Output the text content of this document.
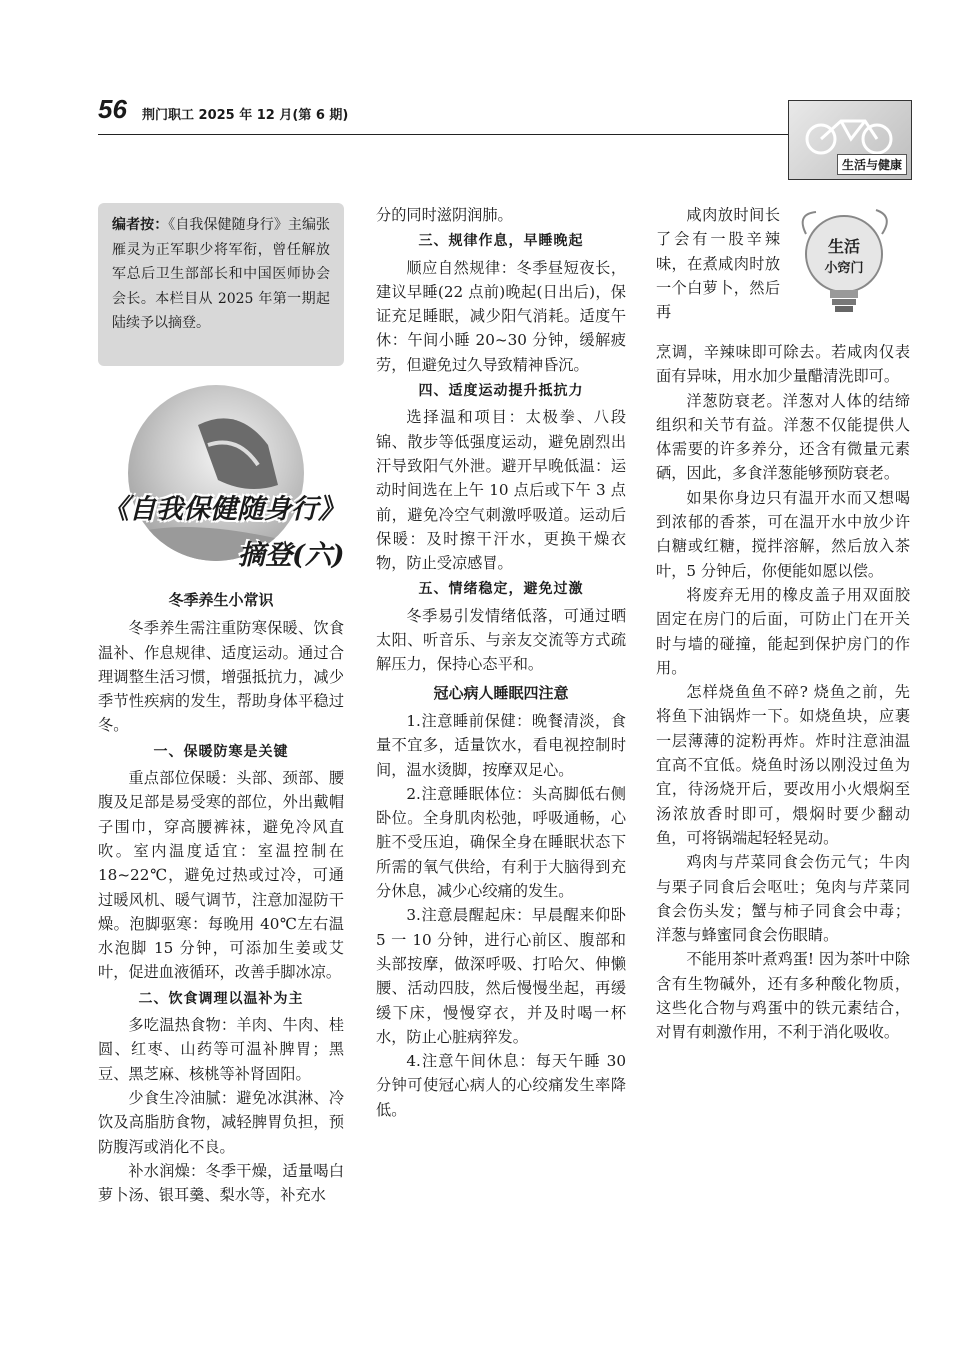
56 荆门职工 2025 年 12 月(第 6 期)
生活与健康
编者按：《自我保健随身行》主编张雁灵为正军职少将军衔，曾任解放军总后卫生部部长和中国医师协会会长。本栏目从 2025 年第一期起陆续予以摘登。
《自我保健随身行》
摘登(六)
冬季养生小常识

冬季养生需注重防寒保暖、饮食温补、作息规律、适度运动。通过合理调整生活习惯，增强抵抗力，减少季节性疾病的发生，帮助身体平稳过冬。

一、保暖防寒是关键

重点部位保暖：头部、颈部、腰腹及足部是易受寒的部位，外出戴帽子围巾，穿高腰裤袜，避免冷风直吹。室内温度适宜：室温控制在18~22℃，避免过热或过冷，可通过暖风机、暖气调节，注意加湿防干燥。泡脚驱寒：每晚用 40℃左右温水泡脚 15 分钟，可添加生姜或艾叶，促进血液循环，改善手脚冰凉。

二、饮食调理以温补为主

多吃温热食物：羊肉、牛肉、桂圆、红枣、山药等可温补脾胃；黑豆、黑芝麻、核桃等补肾固阳。

少食生冷油腻：避免冰淇淋、冷饮及高脂肪食物，减轻脾胃负担，预防腹泻或消化不良。

补水润燥：冬季干燥，适量喝白萝卜汤、银耳羹、梨水等，补充水

分的同时滋阴润肺。

三、规律作息，早睡晚起

顺应自然规律：冬季昼短夜长，建议早睡(22 点前)晚起(日出后)，保证充足睡眠，减少阳气消耗。适度午休：午间小睡 20~30 分钟，缓解疲劳，但避免过久导致精神昏沉。

四、适度运动提升抵抗力

选择温和项目：太极拳、八段锦、散步等低强度运动，避免剧烈出汗导致阳气外泄。避开早晚低温：运动时间选在上午 10 点后或下午 3 点前，避免冷空气刺激呼吸道。运动后保暖：及时擦干汗水，更换干燥衣物，防止受凉感冒。

五、情绪稳定，避免过激

冬季易引发情绪低落，可通过晒太阳、听音乐、与亲友交流等方式疏解压力，保持心态平和。

冠心病人睡眠四注意

1.注意睡前保健：晚餐清淡，食量不宜多，适量饮水，看电视控制时间，温水烫脚，按摩双足心。

2.注意睡眠体位：头高脚低右侧卧位。全身肌肉松弛，呼吸通畅，心脏不受压迫，确保全身在睡眠状态下所需的氧气供给，有利于大脑得到充分休息，减少心绞痛的发生。

3.注意晨醒起床：早晨醒来仰卧 5 一 10 分钟，进行心前区、腹部和头部按摩，做深呼吸、打哈欠、伸懒腰、活动四肢，然后慢慢坐起，再缓缓下床，慢慢穿衣，并及时喝一杯水，防止心脏病猝发。

4.注意午间休息：每天午睡 30 分钟可使冠心病人的心绞痛发生率降低。

生活
小窍门

咸肉放时间长了会有一股辛辣味，在煮咸肉时放一个白萝卜，然后再

烹调，辛辣味即可除去。若咸肉仅表面有异味，用水加少量醋清洗即可。

洋葱防衰老。洋葱对人体的结缔组织和关节有益。洋葱不仅能提供人体需要的许多养分，还含有微量元素硒，因此，多食洋葱能够预防衰老。

如果你身边只有温开水而又想喝到浓郁的香茶，可在温开水中放少许白糖或红糖，搅拌溶解，然后放入茶叶，5 分钟后，你便能如愿以偿。

将废弃无用的橡皮盖子用双面胶固定在房门的后面，可防止门在开关时与墙的碰撞，能起到保护房门的作用。

怎样烧鱼鱼不碎? 烧鱼之前，先将鱼下油锅炸一下。如烧鱼块，应裹一层薄薄的淀粉再炸。炸时注意油温宜高不宜低。烧鱼时汤以刚没过鱼为宜，待汤烧开后，要改用小火煨焖至汤浓放香时即可，煨焖时要少翻动鱼，可将锅端起轻轻晃动。

鸡肉与芹菜同食会伤元气；牛肉与栗子同食后会呕吐；兔肉与芹菜同食会伤头发；蟹与柿子同食会中毒；洋葱与蜂蜜同食会伤眼睛。

不能用茶叶煮鸡蛋! 因为茶叶中除含有生物碱外，还有多种酸化物质，这些化合物与鸡蛋中的铁元素结合，对胃有刺激作用，不利于消化吸收。
